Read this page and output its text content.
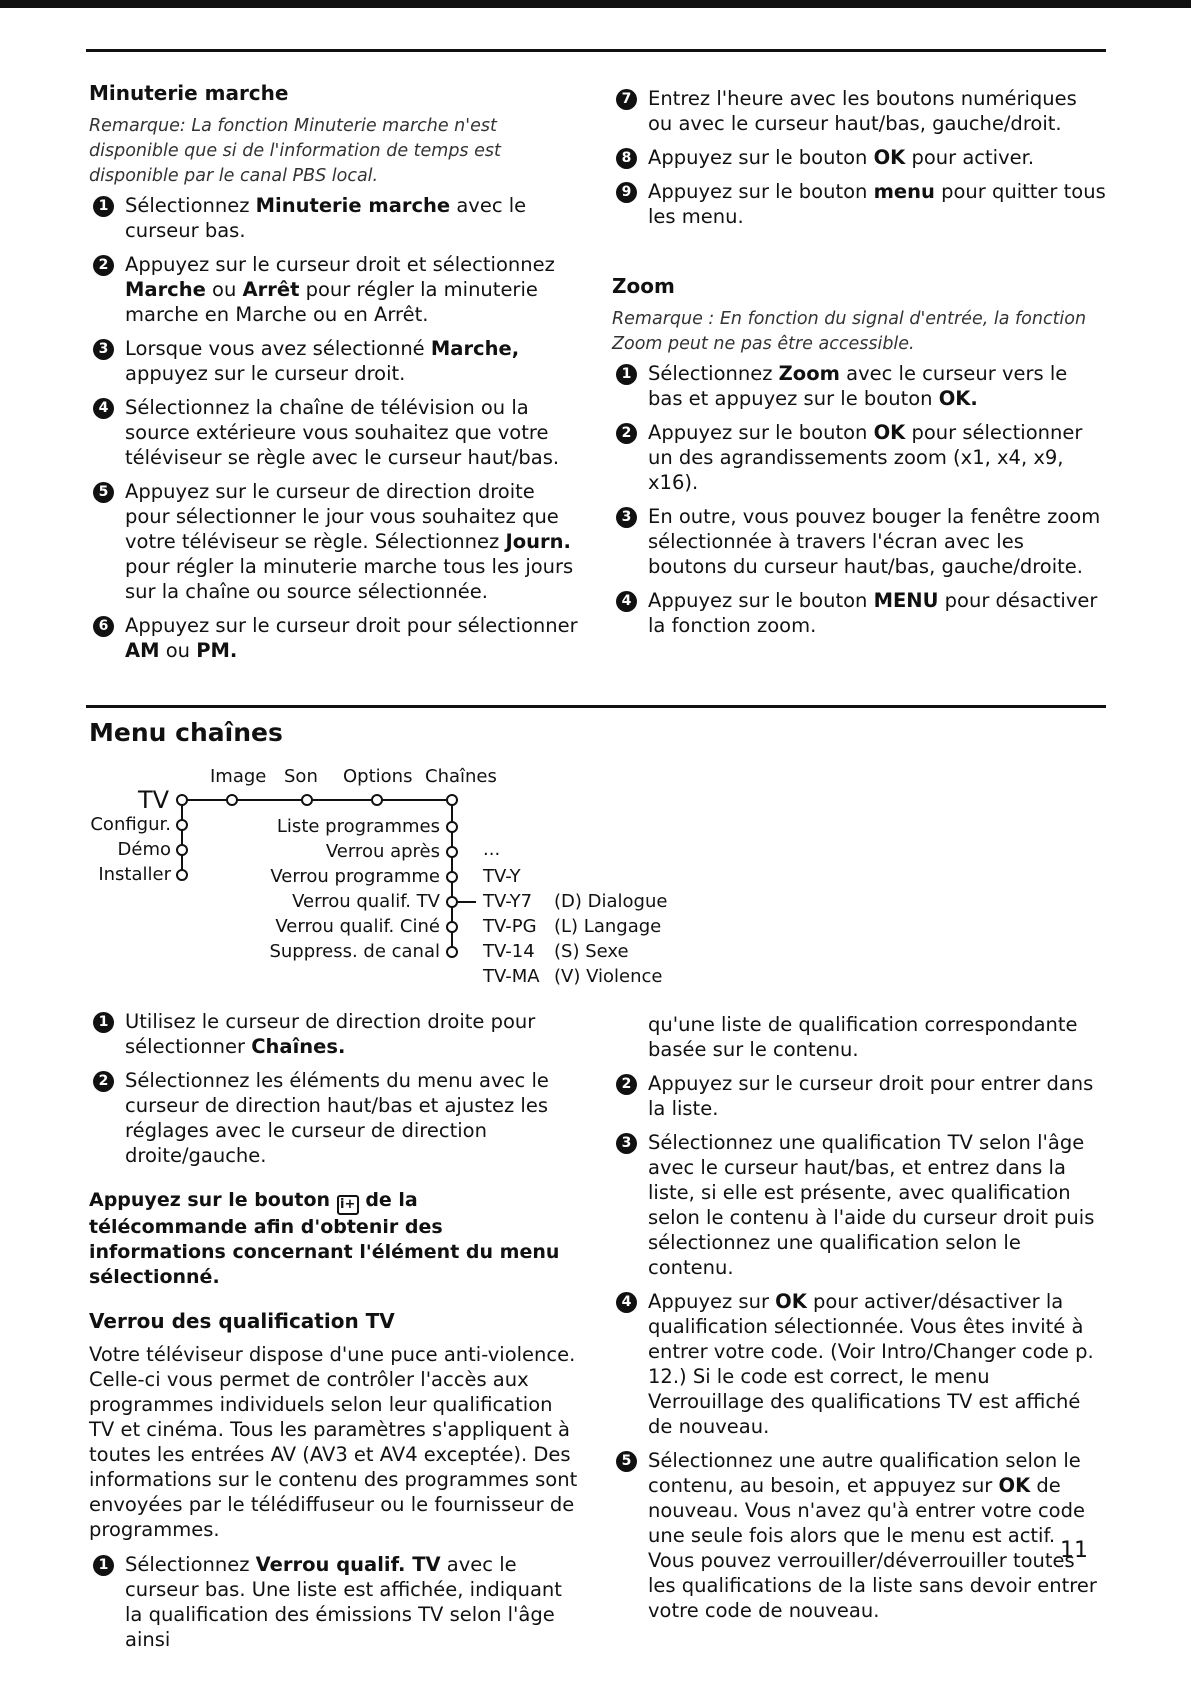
Minuterie marche

Remarque: La fonction Minuterie marche n'est disponible que si de l'information de temps est disponible par le canal PBS local.

1 Sélectionnez Minuterie marche avec le curseur bas.
2 Appuyez sur le curseur droit et sélectionnez Marche ou Arrêt pour régler la minuterie marche en Marche ou en Arrêt.
3 Lorsque vous avez sélectionné Marche, appuyez sur le curseur droit.
4 Sélectionnez la chaîne de télévision ou la source extérieure vous souhaitez que votre téléviseur se règle avec le curseur haut/bas.
5 Appuyez sur le curseur de direction droite pour sélectionner le jour vous souhaitez que votre téléviseur se règle. Sélectionnez Journ. pour régler la minuterie marche tous les jours sur la chaîne ou source sélectionnée.
6 Appuyez sur le curseur droit pour sélectionner AM ou PM.
7 Entrez l'heure avec les boutons numériques ou avec le curseur haut/bas, gauche/droit.
8 Appuyez sur le bouton OK pour activer.
9 Appuyez sur le bouton menu pour quitter tous les menu.
Zoom

Remarque : En fonction du signal d'entrée, la fonction Zoom peut ne pas être accessible.

1 Sélectionnez Zoom avec le curseur vers le bas et appuyez sur le bouton OK.
2 Appuyez sur le bouton OK pour sélectionner un des agrandissements zoom (x1, x4, x9, x16).
3 En outre, vous pouvez bouger la fenêtre zoom sélectionnée à travers l'écran avec les boutons du curseur haut/bas, gauche/droite.
4 Appuyez sur le bouton MENU pour désactiver la fonction zoom.
Menu chaînes
Image Son Options Chaînes
TV
Configur.
Démo
Installer
Liste programmes
Verrou après
Verrou programme
Verrou qualif. TV
Verrou qualif. Ciné
Suppress. de canal
...
TV-Y
TV-Y7
TV-PG
TV-14
TV-MA
(D) Dialogue
(L) Langage
(S) Sexe
(V) Violence
1 Utilisez le curseur de direction droite pour sélectionner Chaînes.
2 Sélectionnez les éléments du menu avec le curseur de direction haut/bas et ajustez les réglages avec le curseur de direction droite/gauche.

Appuyez sur le bouton i+ de la télécommande afin d'obtenir des informations concernant l'élément du menu sélectionné.

Verrou des qualification TV

Votre téléviseur dispose d'une puce anti-violence. Celle-ci vous permet de contrôler l'accès aux programmes individuels selon leur qualification TV et cinéma. Tous les paramètres s'appliquent à toutes les entrées AV (AV3 et AV4 exceptée). Des informations sur le contenu des programmes sont envoyées par le télédiffuseur ou le fournisseur de programmes.

1 Sélectionnez Verrou qualif. TV avec le curseur bas. Une liste est affichée, indiquant la qualification des émissions TV selon l'âge ainsi
qu'une liste de qualification correspondante basée sur le contenu.
2 Appuyez sur le curseur droit pour entrer dans la liste.
3 Sélectionnez une qualification TV selon l'âge avec le curseur haut/bas, et entrez dans la liste, si elle est présente, avec qualification selon le contenu à l'aide du curseur droit puis sélectionnez une qualification selon le contenu.
4 Appuyez sur OK pour activer/désactiver la qualification sélectionnée. Vous êtes invité à entrer votre code. (Voir Intro/Changer code p. 12.) Si le code est correct, le menu Verrouillage des qualifications TV est affiché de nouveau.
5 Sélectionnez une autre qualification selon le contenu, au besoin, et appuyez sur OK de nouveau. Vous n'avez qu'à entrer votre code une seule fois alors que le menu est actif. Vous pouvez verrouiller/déverrouiller toutes les qualifications de la liste sans devoir entrer votre code de nouveau.
11
